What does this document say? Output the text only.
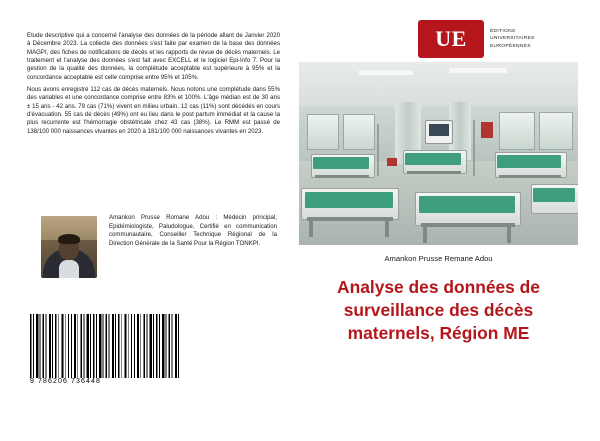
Etude descriptive qui a concerné l'analyse des données de la période allant de Janvier 2020 à Décembre 2023. La collecte des données s'est faite par examen de la base des données MAGPI, des fiches de notifications de décès et les rapports de revue de décès maternels. Le traitement et l'analyse des données s'est fait avec EXCELL et le logiciel Epi-Info 7. Pour la gestion de la qualité des données, la complétude acceptable est supérieure à 95% et la concordance acceptable est celle comprise entre 95% et 105%.

Nous avons enregistré 112 cas de décès maternels. Nous notons une complétude dans 55% des variables et une concordance comprise entre 83% et 100%. L'âge médian est de 30 ans ± 15 ans - 42 ans. 79 cas (71%) vivent en milieu urbain. 12 cas (11%) sont décédés en cours d'évacuation. 55 cas de décès (49%) ont eu lieu dans le post partum immédiat et la cause la plus recurrente est l'hémorragie obstétricale chez 43 cas (38%). Le RMM est passé de 138/100 000 naissances vivantes en 2020 à 181/100 000 naissances vivantes en 2023.

Amankon Prusse Romane Adou : Médecin principal, Epidémiologiste, Paludologue, Certifié en communication communautaire, Conseiller Technique Régional de la Direction Générale de la Santé Pour la Région TONKPI.
9 786206 736448
UE	ÉDITIONS
UNIVERSITAIRES
EUROPÉENNES
Amankon Prusse Remane Adou
Analyse des données de surveillance des décès maternels, Région ME
